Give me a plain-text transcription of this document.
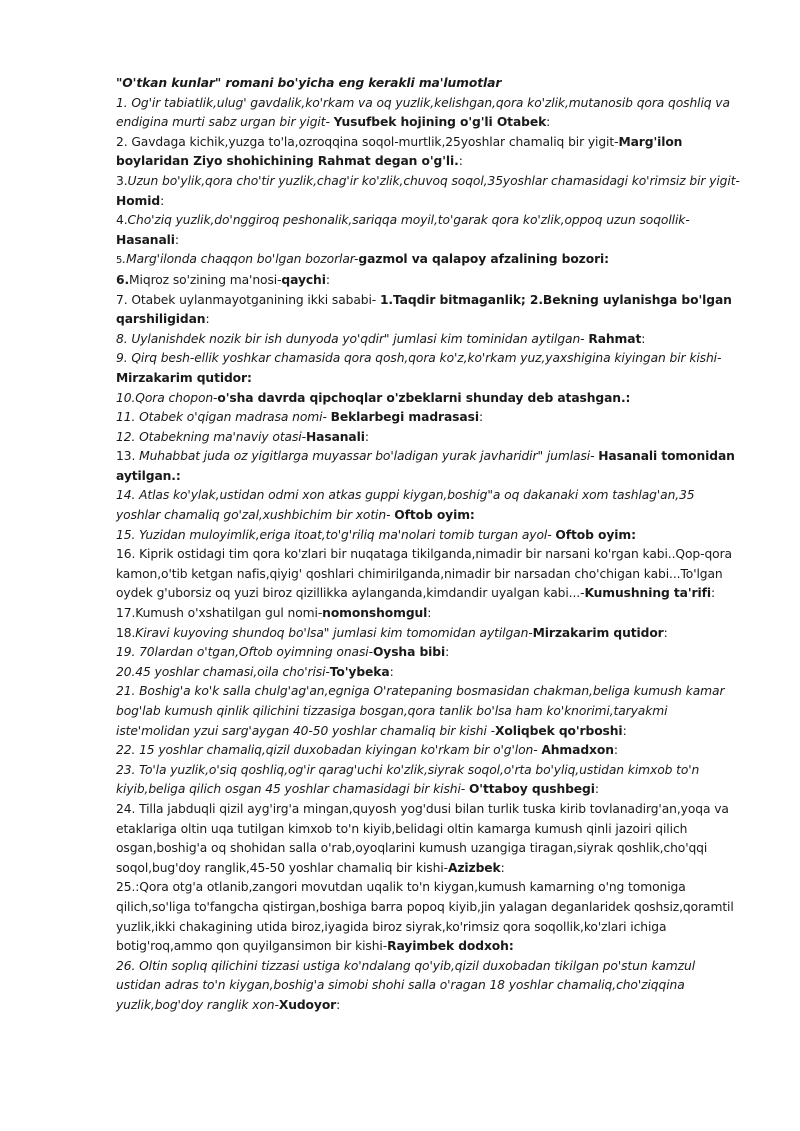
"O'tkan kunlar" romani bo'yicha eng kerakli ma'lumotlar

1. Og'ir tabiatlik,ulug' gavdalik,ko'rkam va oq yuzlik,kelishgan,qora ko'zlik,mutanosib qora qoshliq va endigina murti sabz urgan bir yigit- Yusufbek hojining o'g'li Otabek:

2. Gavdaga kichik,yuzga to'la,ozroqqina soqol-murtlik,25yoshlar chamaliq bir yigit-Marg'ilon boylaridan Ziyo shohichining Rahmat degan o'g'li.:

3.Uzun bo'ylik,qora cho'tir yuzlik,chag'ir ko'zlik,chuvoq soqol,35yoshlar chamasidagi ko'rimsiz bir yigit-Homid:

4.Cho'ziq yuzlik,do'nggiroq peshonalik,sariqqa moyil,to'garak qora ko'zlik,oppoq uzun soqollik-Hasanali:

5.Marg'ilonda chaqqon bo'lgan bozorlar-gazmol va qalapoy afzalining bozori:

6.Miqroz so'zining ma'nosi-qaychi:

7. Otabek uylanmayotganining ikki sababi- 1.Taqdir bitmaganlik; 2.Bekning uylanishga bo'lgan qarshiligidan:

8. Uylanishdek nozik bir ish dunyoda yo'qdir" jumlasi kim tominidan aytilgan- Rahmat:

9. Qirq besh-ellik yoshkar chamasida qora qosh,qora ko'z,ko'rkam yuz,yaxshigina kiyingan bir kishi-Mirzakarim qutidor:

10.Qora chopon-o'sha davrda qipchoqlar o'zbeklarni shunday deb atashgan.:

11. Otabek o'qigan madrasa nomi- Beklarbegi madrasasi:

12. Otabekning ma'naviy otasi-Hasanali:

13. Muhabbat juda oz yigitlarga muyassar bo'ladigan yurak javharidir" jumlasi- Hasanali tomonidan aytilgan.:

14. Atlas ko'ylak,ustidan odmi xon atkas guppi kiygan,boshig"a oq dakanaki xom tashlag'an,35 yoshlar chamaliq go'zal,xushbichim bir xotin- Oftob oyim:

15. Yuzidan muloyimlik,eriga itoat,to'g'riliq ma'nolari tomib turgan ayol- Oftob oyim:

16. Kiprik ostidagi tim qora ko'zlari bir nuqataga tikilganda,nimadir bir narsani ko'rgan kabi..Qop-qora kamon,o'tib ketgan nafis,qiyig' qoshlari chimirilganda,nimadir bir narsadan cho'chigan kabi...To'lgan oydek g'uborsiz oq yuzi biroz qizillikka aylanganda,kimdandir uyalgan kabi...-Kumushning ta'rifi:

17.Kumush o'xshatilgan gul nomi-nomonshomgul:

18.Kiravi kuyoving shundoq bo'lsa" jumlasi kim tomomidan aytilgan-Mirzakarim qutidor:

19. 70lardan o'tgan,Oftob oyimning onasi-Oysha bibi:

20.45 yoshlar chamasi,oila cho'risi-To'ybeka:

21. Boshig'a ko'k salla chulg'ag'an,egniga O'ratepaning bosmasidan chakman,beliga kumush kamar bog'lab kumush qinlik qilichini tizzasiga bosgan,qora tanlik bo'lsa ham ko'knorimi,taryakmi iste'molidan yzui sarg'aygan 40-50 yoshlar chamaliq bir kishi -Xoliqbek qo'rboshi:

22. 15 yoshlar chamaliq,qizil duxobadan kiyingan ko'rkam bir o'g'lon- Ahmadxon:

23. To'la yuzlik,o'siq qoshliq,og'ir qarag'uchi ko'zlik,siyrak soqol,o'rta bo'yliq,ustidan kimxob to'n kiyib,beliga qilich osgan 45 yoshlar chamasidagi bir kishi- O'ttaboy qushbegi:

24. Tilla jabduqli qizil ayg'irg'a mingan,quyosh yog'dusi bilan turlik tuska kirib tovlanadirg'an,yoqa va etaklariga oltin uqa tutilgan kimxob to'n kiyib,belidagi oltin kamarga kumush qinli jazoiri qilich osgan,boshig'a oq shohidan salla o'rab,oyoqlarini kumush uzangiga tiragan,siyrak qoshlik,cho'qqi soqol,bug'doy ranglik,45-50 yoshlar chamaliq bir kishi-Azizbek:

25.:Qora otg'a otlanib,zangori movutdan uqalik to'n kiygan,kumush kamarning o'ng tomoniga qilich,so'liga to'fangcha qistirgan,boshiga barra popoq kiyib,jin yalagan deganlaridek qoshsiz,qoramtil yuzlik,ikki chakagining utida biroz,iyagida biroz siyrak,ko'rimsiz qora soqollik,ko'zlari ichiga botig'roq,ammo qon quyilgansimon bir kishi-Rayimbek dodxoh:

26. Oltin soplıq qilichini tizzasi ustiga ko'ndalang qo'yib,qizil duxobadan tikilgan po'stun kamzul ustidan adras to'n kiygan,boshig'a simobi shohi salla o'ragan 18 yoshlar chamaliq,cho'ziqqina yuzlik,bog'doy ranglik xon-Xudoyor:
